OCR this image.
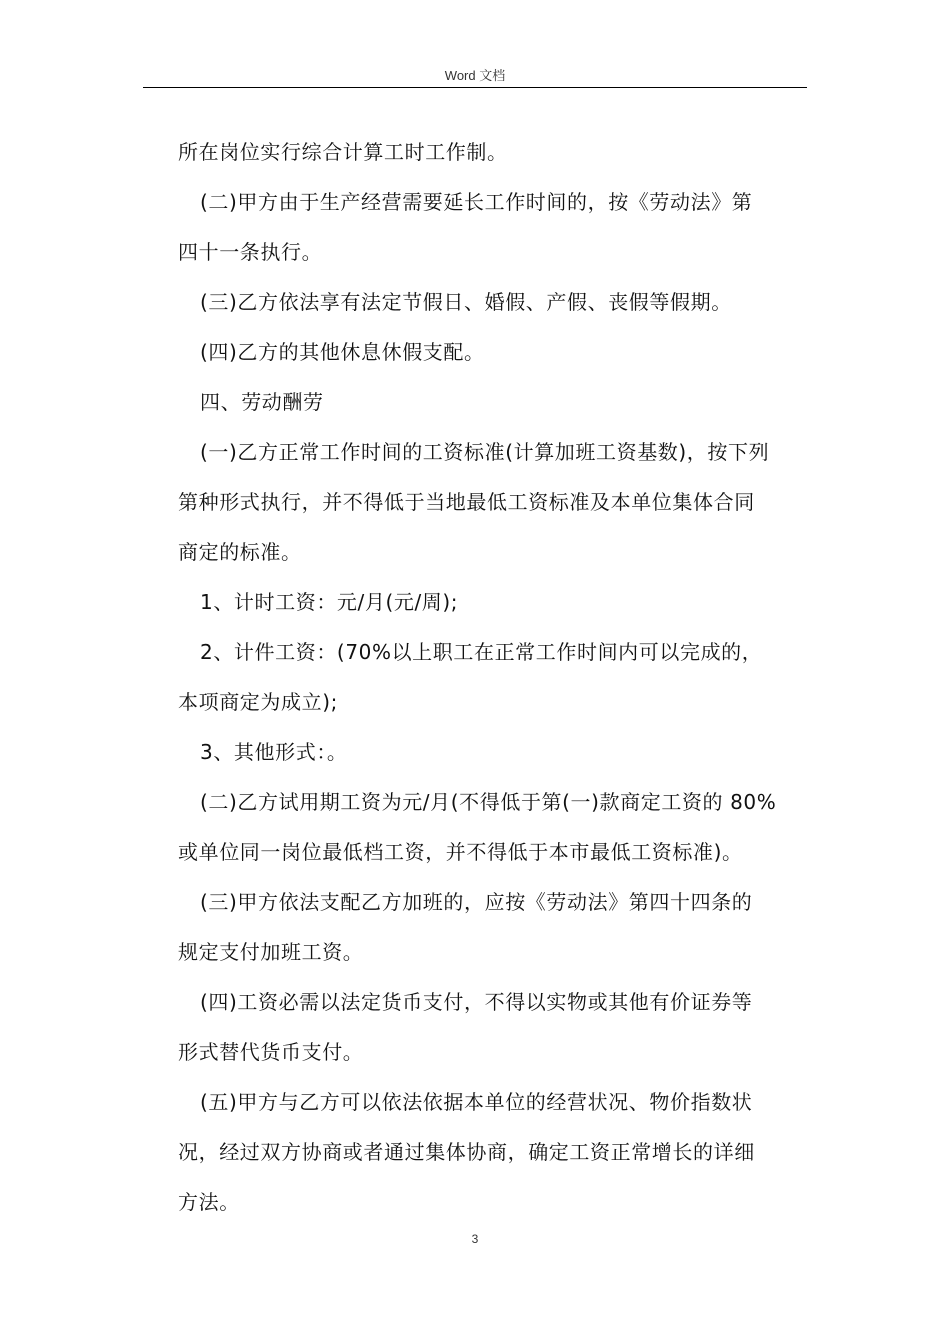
Word 文档

所在岗位实行综合计算工时工作制。

(二)甲方由于生产经营需要延长工作时间的，按《劳动法》第

四十一条执行。

(三)乙方依法享有法定节假日、婚假、产假、丧假等假期。

(四)乙方的其他休息休假支配。

四、劳动酬劳

(一)乙方正常工作时间的工资标准(计算加班工资基数)，按下列

第种形式执行，并不得低于当地最低工资标准及本单位集体合同

商定的标准。

1、计时工资：元/月(元/周);

2、计件工资：(70%以上职工在正常工作时间内可以完成的，

本项商定为成立);

3、其他形式：。

(二)乙方试用期工资为元/月(不得低于第(一)款商定工资的 80%

或单位同一岗位最低档工资，并不得低于本市最低工资标准)。

(三)甲方依法支配乙方加班的，应按《劳动法》第四十四条的

规定支付加班工资。

(四)工资必需以法定货币支付，不得以实物或其他有价证券等

形式替代货币支付。

(五)甲方与乙方可以依法依据本单位的经营状况、物价指数状

况，经过双方协商或者通过集体协商，确定工资正常增长的详细

方法。

3
